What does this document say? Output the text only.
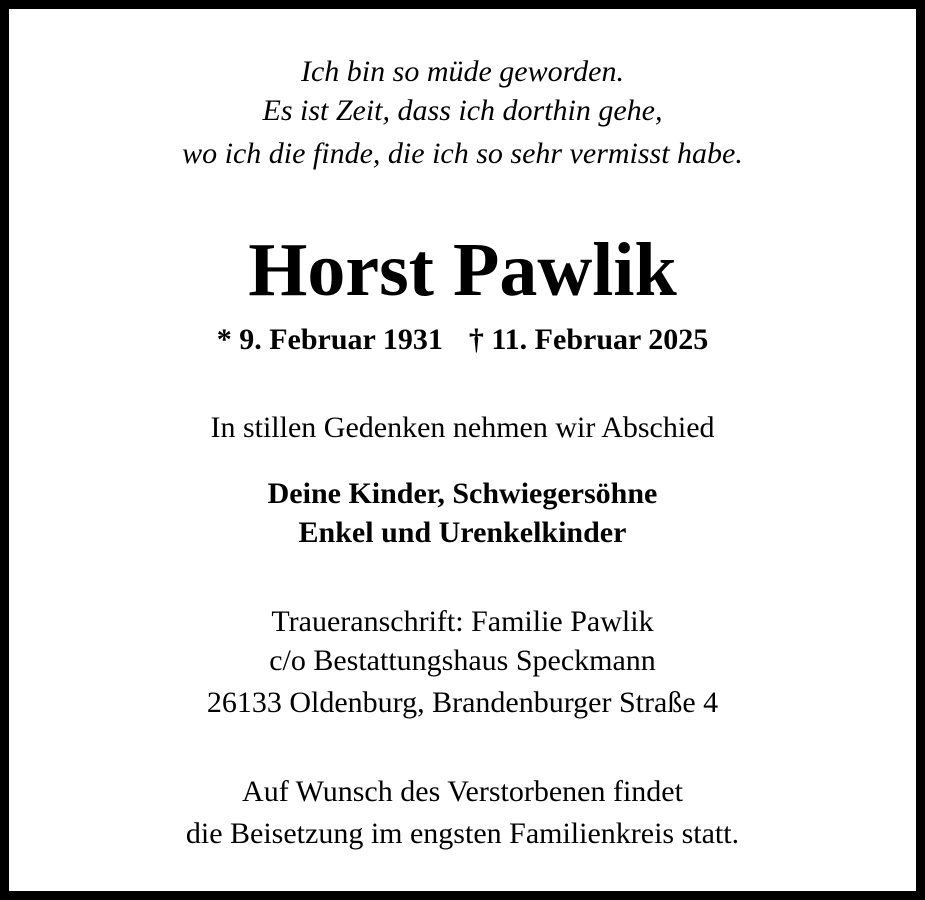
Ich bin so müde geworden.
Es ist Zeit, dass ich dorthin gehe,
wo ich die finde, die ich so sehr vermisst habe.
Horst Pawlik
* 9. Februar 1931 † 11. Februar 2025
In stillen Gedenken nehmen wir Abschied
Deine Kinder, Schwiegersöhne
Enkel und Urenkelkinder
Traueranschrift: Familie Pawlik
c/o Bestattungshaus Speckmann
26133 Oldenburg, Brandenburger Straße 4
Auf Wunsch des Verstorbenen findet
die Beisetzung im engsten Familienkreis statt.
